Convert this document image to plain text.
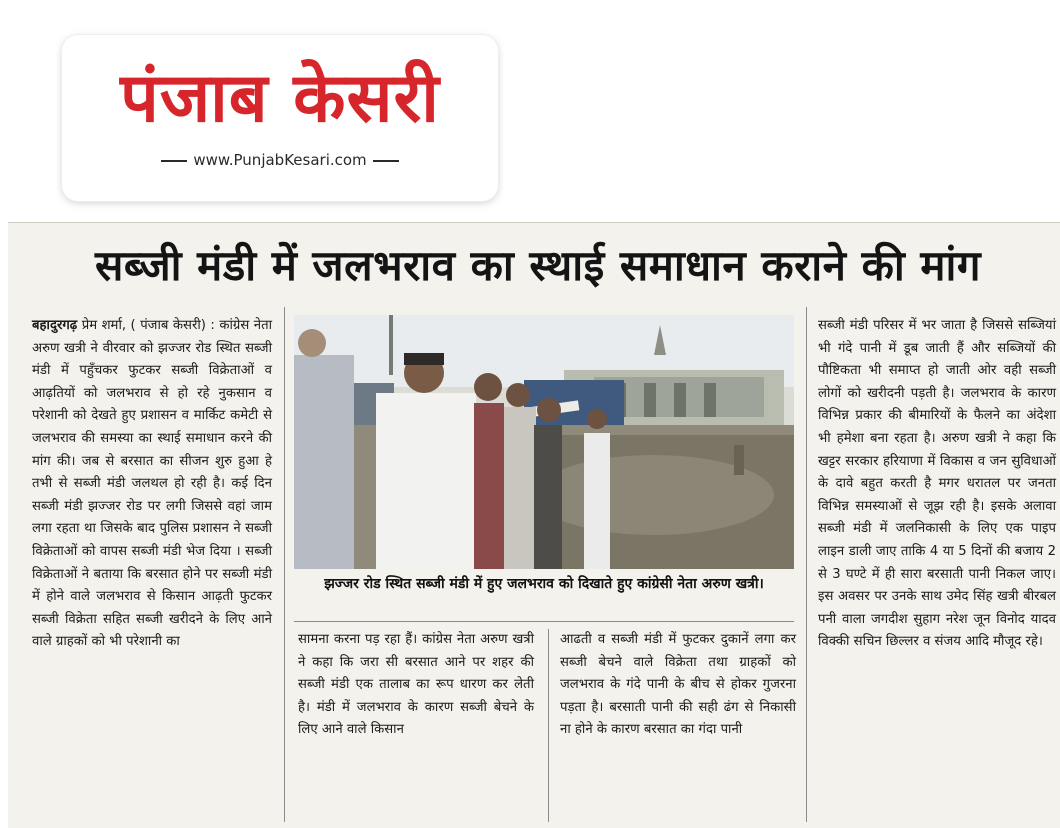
पंजाब केसरी
www.PunjabKesari.com
सब्जी मंडी में जलभराव का स्थाई समाधान कराने की मांग
बहादुरगढ़ प्रेम शर्मा, ( पंजाब केसरी) : कांग्रेस नेता अरुण खत्री ने वीरवार को झज्जर रोड स्थित सब्जी मंडी में पहुँचकर फुटकर सब्जी विक्रेताओं व आढ़तियों को जलभराव से हो रहे नुकसान व परेशानी को देखते हुए प्रशासन व मार्किट कमेटी से जलभराव की समस्या का स्थाई समाधान करने की मांग की। जब से बरसात का सीजन शुरु हुआ हे तभी से सब्जी मंडी जलथल हो रही है। कई दिन सब्जी मंडी झज्जर रोड पर लगी जिससे वहां जाम लगा रहता था जिसके बाद पुलिस प्रशासन ने सब्जी विक्रेताओं को वापस सब्जी मंडी भेज दिया । सब्जी विक्रेताओं ने बताया कि बरसात होने पर सब्जी मंडी में होने वाले जलभराव से किसान आढ़ती फुटकर सब्जी विक्रेता सहित सब्जी खरीदने के लिए आने वाले ग्राहकों को भी परेशानी का
झज्जर रोड स्थित सब्जी मंडी में हुए जलभराव को दिखाते हुए कांग्रेसी नेता अरुण खत्री।
सामना करना पड़ रहा हैं। कांग्रेस नेता अरुण खत्री ने कहा कि जरा सी बरसात आने पर शहर की सब्जी मंडी एक तालाब का रूप धारण कर लेती है। मंडी में जलभराव के कारण सब्जी बेचने के लिए आने वाले किसान
आढती व सब्जी मंडी में फुटकर दुकानें लगा कर सब्जी बेचने वाले विक्रेता तथा ग्राहकों को जलभराव के गंदे पानी के बीच से होकर गुजरना पड़ता है। बरसाती पानी की सही ढंग से निकासी ना होने के कारण बरसात का गंदा पानी
सब्जी मंडी परिसर में भर जाता है जिससे सब्जियां भी गंदे पानी में डूब जाती हैं और सब्जियों की पौष्टिकता भी समाप्त हो जाती ओर वही सब्जी लोगों को खरीदनी पड़ती है। जलभराव के कारण विभिन्न प्रकार की बीमारियों के फैलने का अंदेशा भी हमेशा बना रहता है। अरुण खत्री ने कहा कि खट्टर सरकार हरियाणा में विकास व जन सुविधाओं के दावे बहुत करती है मगर धरातल पर जनता विभिन्न समस्याओं से जूझ रही है। इसके अलावा सब्जी मंडी में जलनिकासी के लिए एक पाइप लाइन डाली जाए ताकि 4 या 5 दिनों की बजाय 2 से 3 घण्टे में ही सारा बरसाती पानी निकल जाए। इस अवसर पर उनके साथ उमेद सिंह खत्री बीरबल पनी वाला जगदीश सुहाग नरेश जून विनोद यादव विक्की सचिन छिल्लर व संजय आदि मौजूद रहे।
